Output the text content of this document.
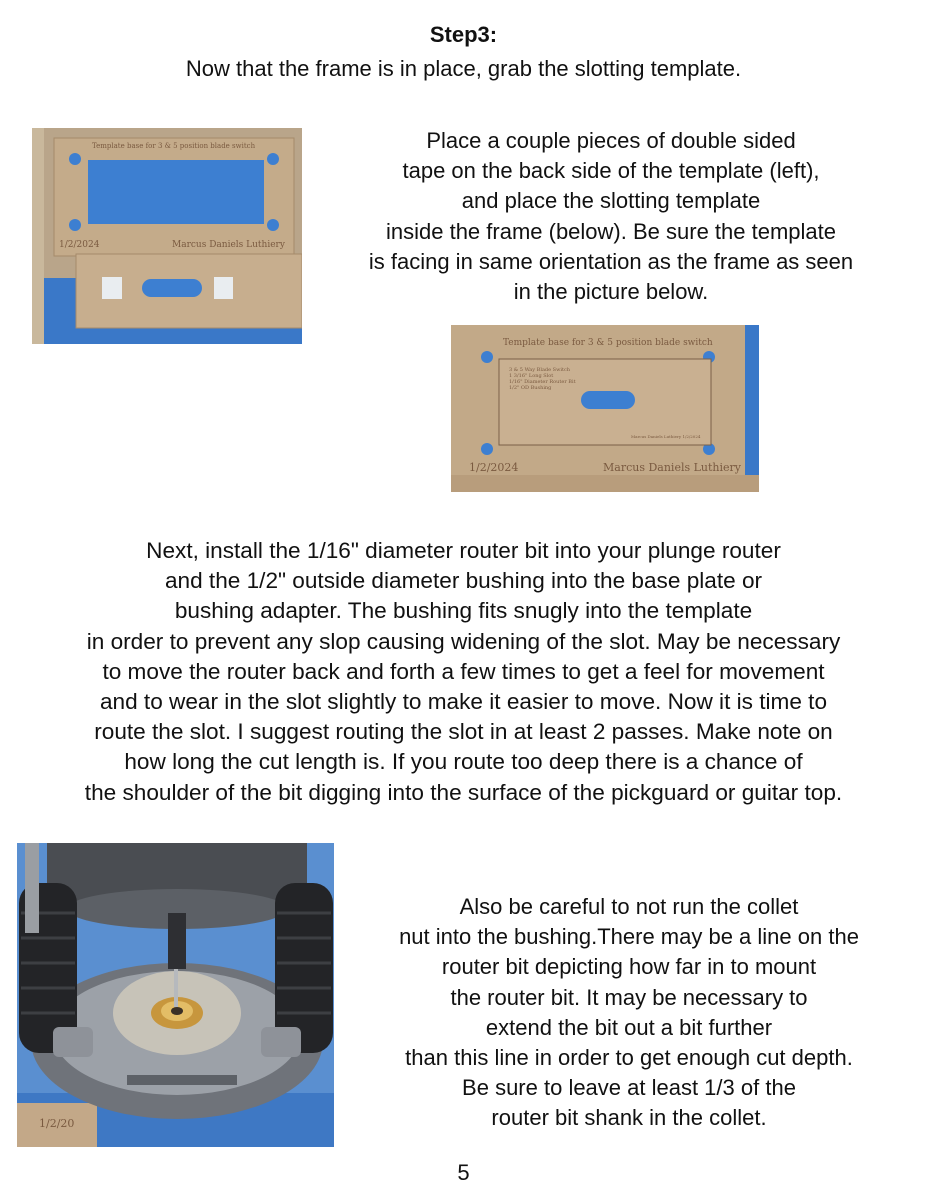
Step3:
Now that the frame is in place, grab the slotting template.
Template base for 3 & 5 position blade switch
1/2/2024	Marcus Daniels Luthiery
Place a couple pieces of double sided
tape on the back side of the template (left),
and place the slotting template
inside the frame (below). Be sure the template
is facing in same orientation as the frame as seen
in the picture below.
Template base for 3 & 5 position blade switch
3 & 5 Way Blade Switch
1 3/16" Long Slot
1/16" Diameter Router Bit
1/2" OD Bushing
Marcus Daniels Luthiery 1/2/2024
1/2/2024	Marcus Daniels Luthiery
Next, install the 1/16" diameter router bit into your plunge router
and the 1/2" outside diameter bushing into the base plate or
bushing adapter. The bushing fits snugly into the template
in order to prevent any slop causing widening of the slot. May be necessary
to move the router back and forth a few times to get a feel for movement
and to wear in the slot slightly to make it easier to move. Now it is time to
route the slot. I suggest routing the slot in at least 2 passes. Make note on
how long the cut length is. If you route too deep there is a chance of
the shoulder of the bit digging into the surface of the pickguard or guitar top.
1/2/20
Also be careful to not run the collet
nut into the bushing.There may be a line on the
router bit depicting how far in to mount
the router bit. It may be necessary to
extend the bit out a bit further
than this line in order to get enough cut depth.
Be sure to leave at least 1/3 of the
router bit shank in the collet.
5
